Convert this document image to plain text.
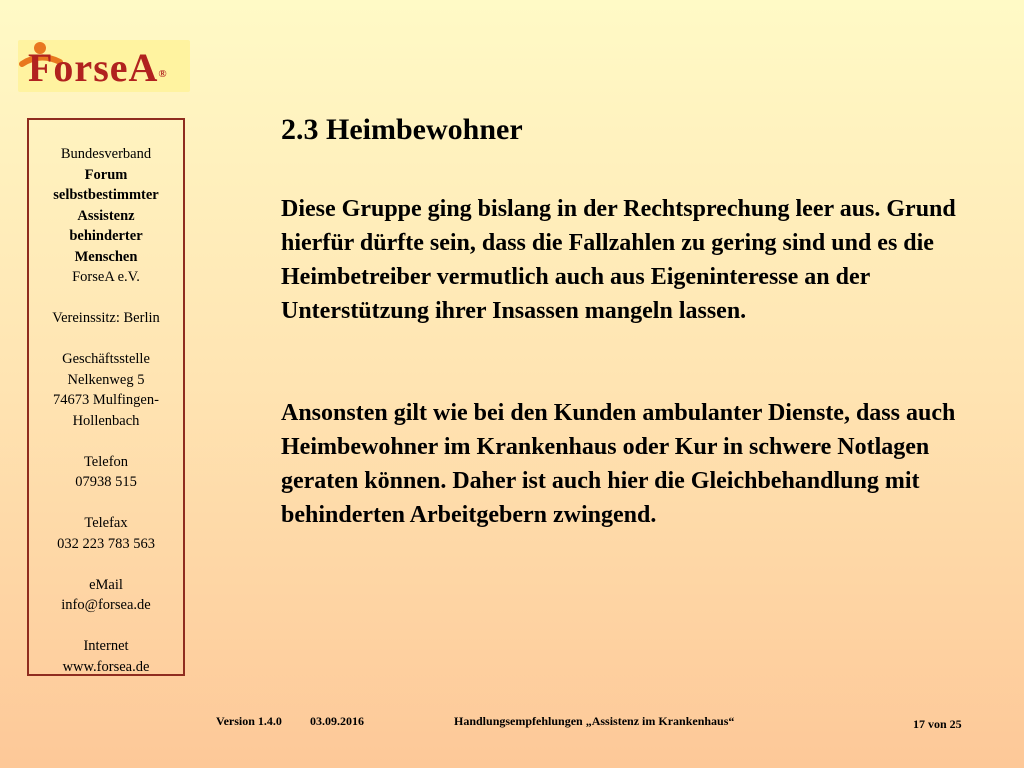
ForseA®
Bundesverband
Forum
selbstbestimmter
Assistenz
behinderter
Menschen
ForseA e.V.
Vereinssitz: Berlin
Geschäftsstelle
Nelkenweg 5
74673 Mulfingen-
Hollenbach
Telefon
07938 515
Telefax
032 223 783 563
eMail
info@forsea.de
Internet
www.forsea.de
2.3 Heimbewohner

Diese Gruppe ging bislang in der Rechtsprechung leer aus. Grund hierfür dürfte sein, dass die Fallzahlen zu gering sind und es die Heimbetreiber vermutlich auch aus Eigeninteresse an der Unterstützung ihrer Insassen mangeln lassen.

Ansonsten gilt wie bei den Kunden ambulanter Dienste, dass auch Heimbewohner im Krankenhaus oder Kur in schwere Notlagen geraten können. Daher ist auch hier die Gleichbehandlung mit behinderten Arbeitgebern zwingend.

Version 1.4.0 03.09.2016	Handlungsempfehlungen „Assistenz im Krankenhaus“	17 von 25
